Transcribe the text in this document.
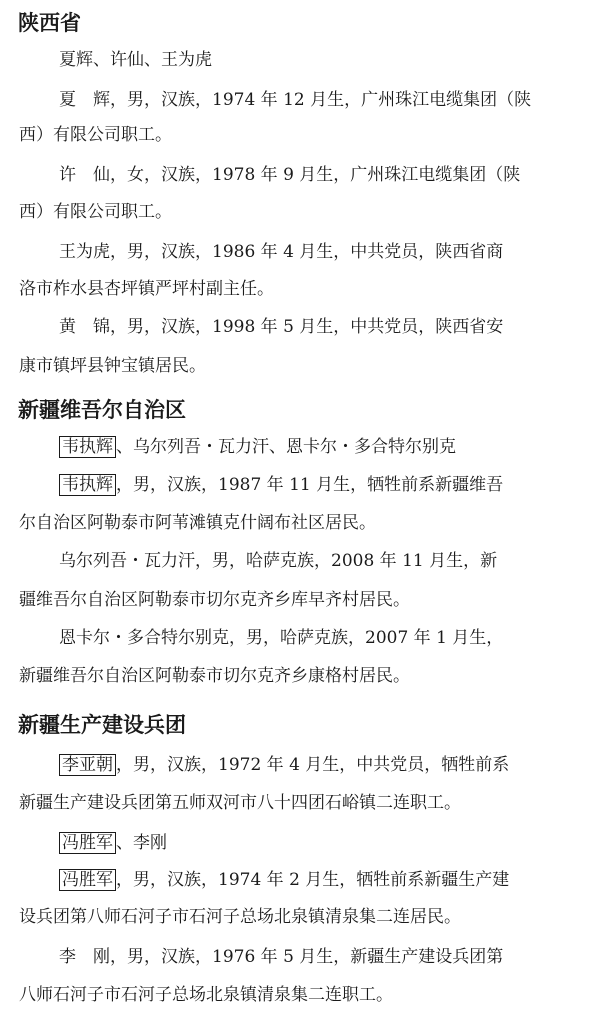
陕西省
夏辉、许仙、王为虎
夏　辉，男，汉族，1974 年 12 月生，广州珠江电缆集团（陕
西）有限公司职工。
许　仙，女，汉族，1978 年 9 月生，广州珠江电缆集团（陕
西）有限公司职工。
王为虎，男，汉族，1986 年 4 月生，中共党员，陕西省商
洛市柞水县杏坪镇严坪村副主任。
黄　锦，男，汉族，1998 年 5 月生，中共党员，陕西省安
康市镇坪县钟宝镇居民。
新疆维吾尔自治区
韦执辉 、乌尔列吾・瓦力汗、恩卡尔・多合特尔别克
韦执辉 ，男，汉族，1987 年 11 月生，牺牲前系新疆维吾
尔自治区阿勒泰市阿苇滩镇克什阔布社区居民。
乌尔列吾・瓦力汗，男，哈萨克族，2008 年 11 月生，新
疆维吾尔自治区阿勒泰市切尔克齐乡库早齐村居民。
恩卡尔・多合特尔别克，男，哈萨克族，2007 年 1 月生，
新疆维吾尔自治区阿勒泰市切尔克齐乡康格村居民。
新疆生产建设兵团
李亚朝 ，男，汉族，1972 年 4 月生，中共党员，牺牲前系
新疆生产建设兵团第五师双河市八十四团石峪镇二连职工。
冯胜军 、李刚
冯胜军 ，男，汉族，1974 年 2 月生，牺牲前系新疆生产建
设兵团第八师石河子市石河子总场北泉镇清泉集二连居民。
李　刚，男，汉族，1976 年 5 月生，新疆生产建设兵团第
八师石河子市石河子总场北泉镇清泉集二连职工。
